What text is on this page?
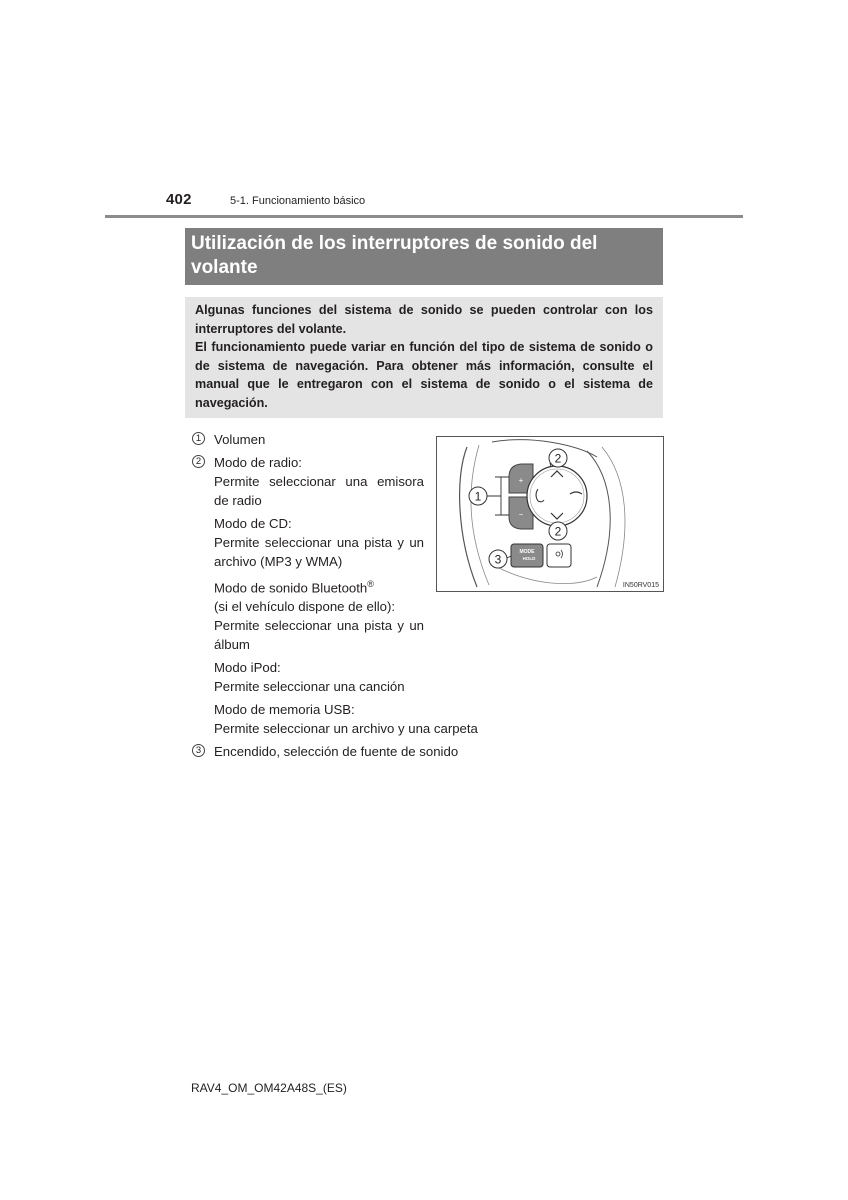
402	5-1. Funcionamiento básico
Utilización de los interruptores de sonido del volante

Algunas funciones del sistema de sonido se pueden controlar con los interruptores del volante.

El funcionamiento puede variar en función del tipo de sistema de sonido o de sistema de navegación. Para obtener más información, consulte el manual que le entregaron con el sistema de sonido o el sistema de navegación.

1 Volumen
2 Modo de radio:
Permite seleccionar una emisora
de radio
Modo de CD:
Permite seleccionar una pista y un
archivo (MP3 y WMA)
Modo de sonido Bluetooth®
(si el vehículo dispone de ello):
Permite seleccionar una pista y un
álbum
Modo iPod:
Permite seleccionar una canción
Modo de memoria USB:
Permite seleccionar un archivo y una carpeta
3 Encendido, selección de fuente de sonido
+
−
MODE
HOLD
1
2
2
3
IN50RV015
RAV4_OM_OM42A48S_(ES)
